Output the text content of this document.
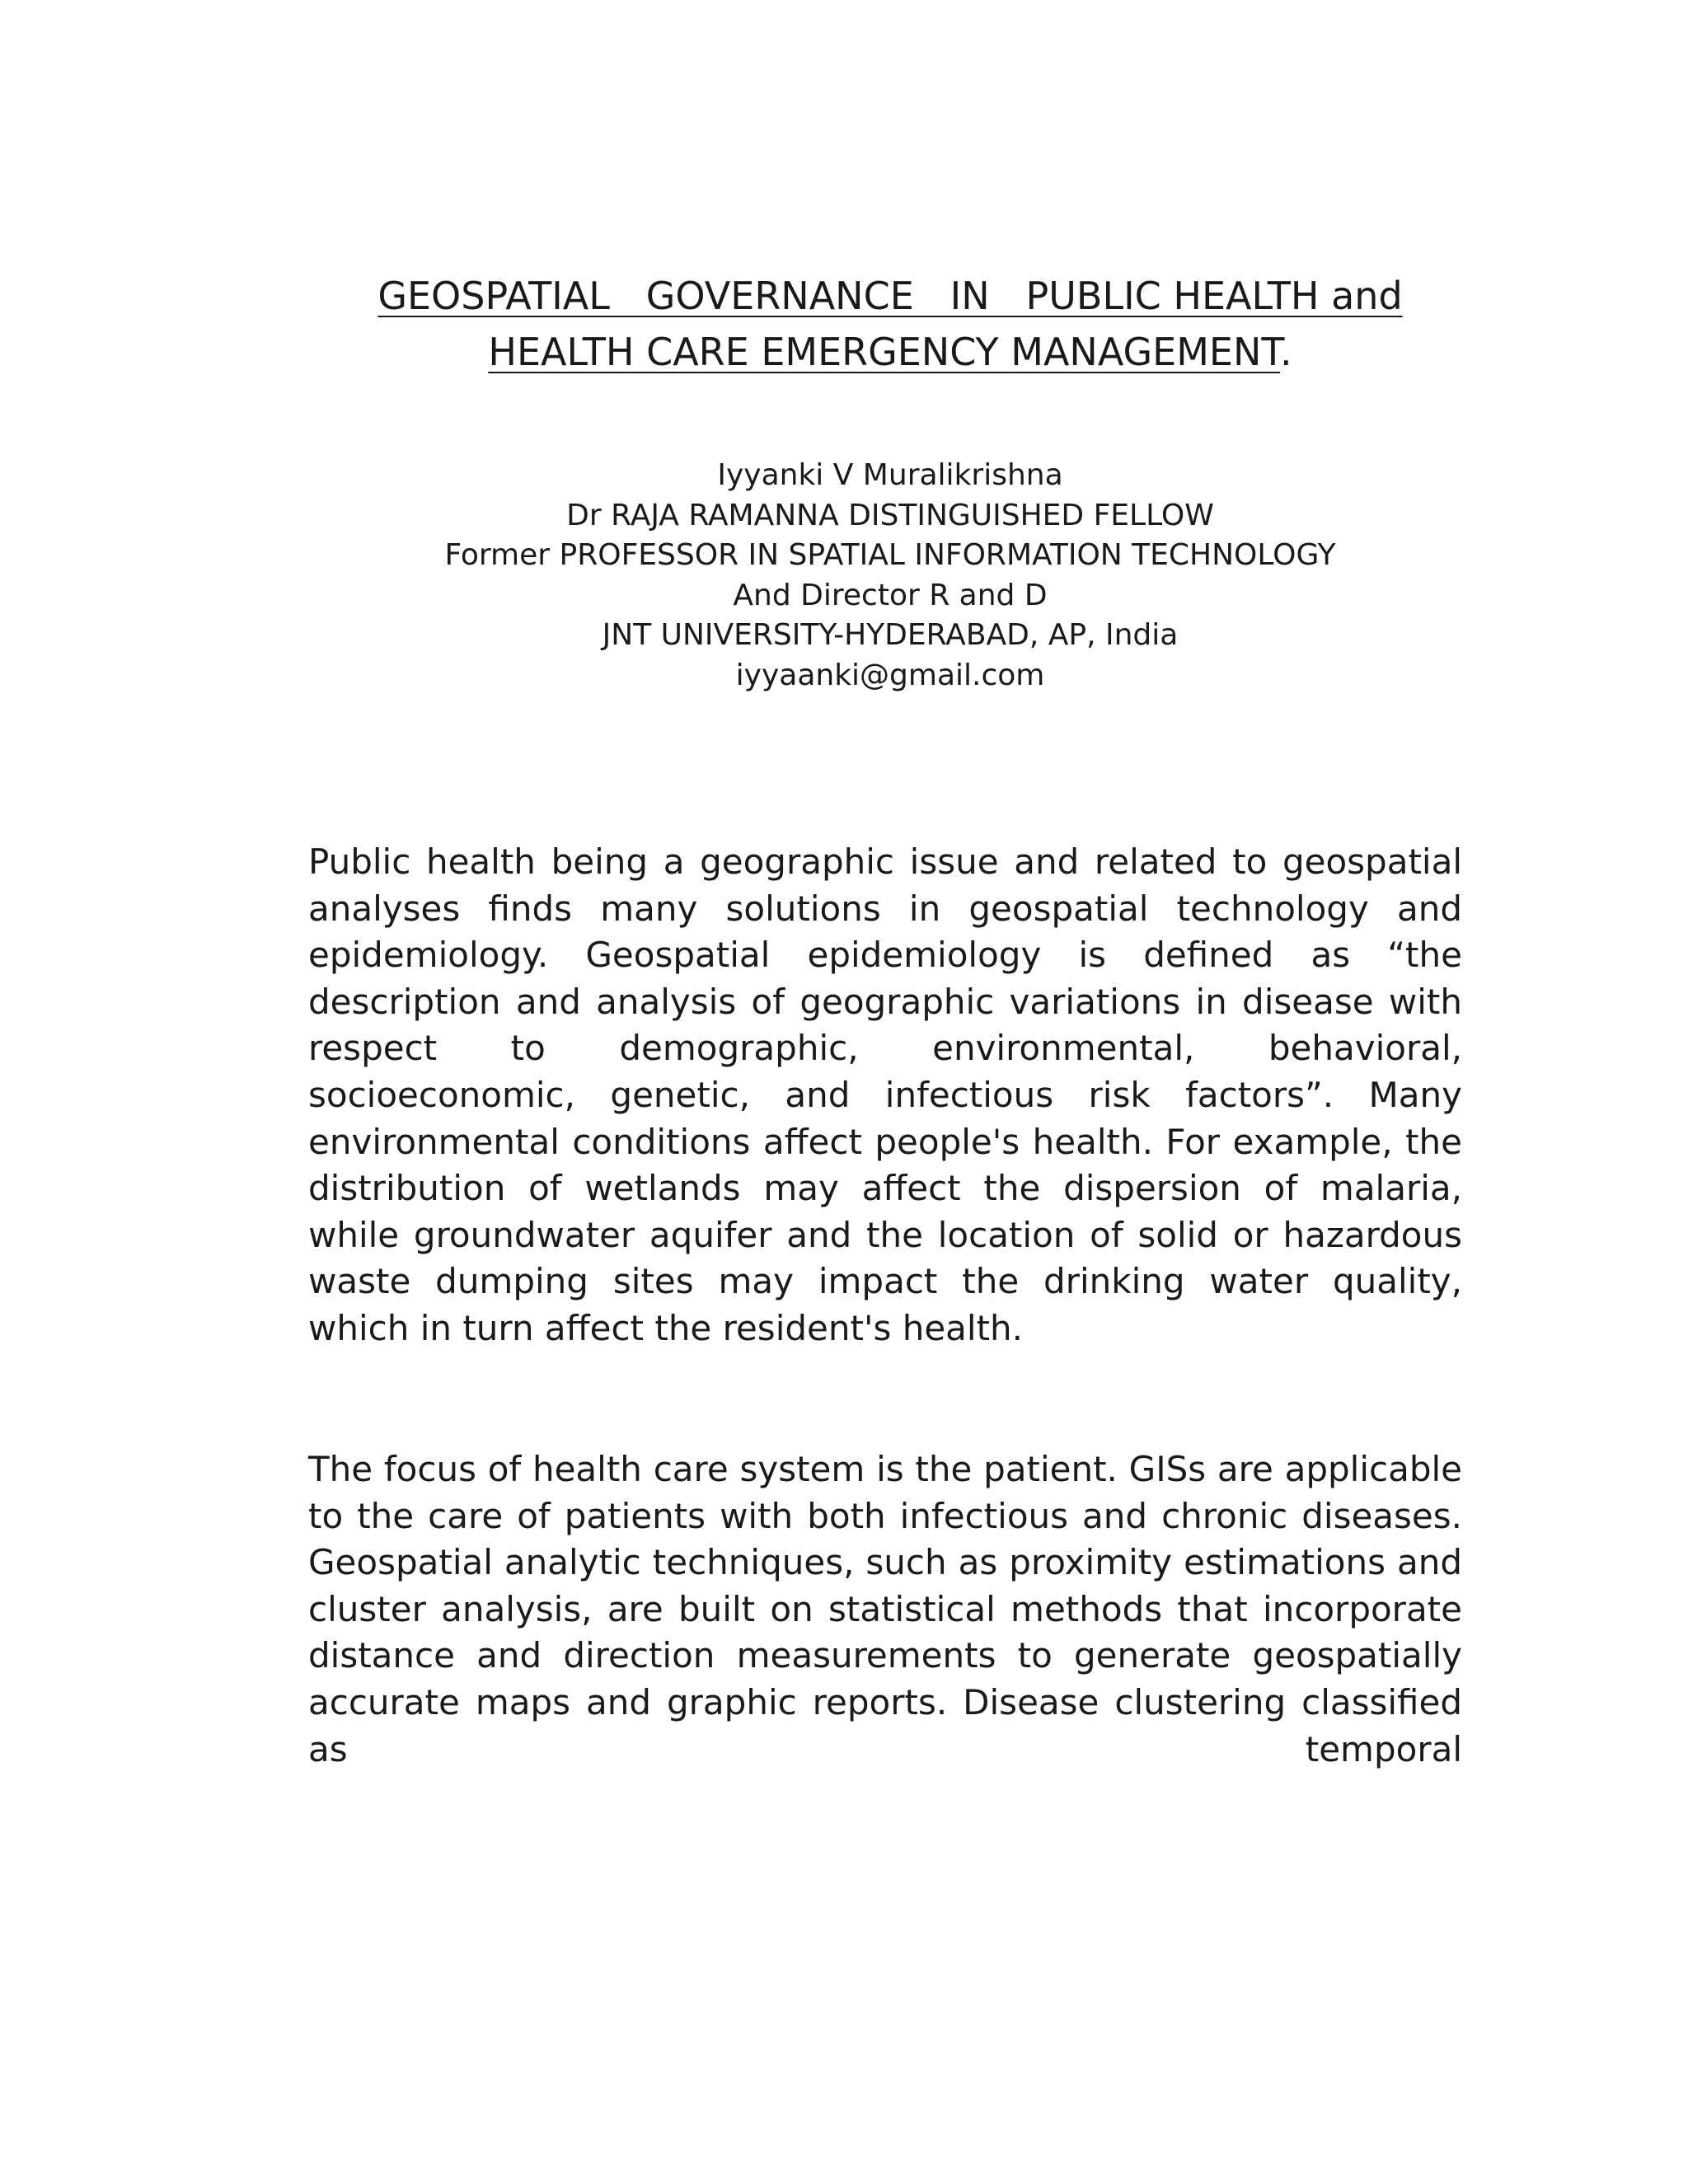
GEOSPATIAL   GOVERNANCE   IN   PUBLIC HEALTH and
HEALTH CARE EMERGENCY MANAGEMENT.
Iyyanki V Muralikrishna
Dr RAJA RAMANNA DISTINGUISHED FELLOW
Former PROFESSOR IN SPATIAL INFORMATION TECHNOLOGY
And Director R and D
JNT UNIVERSITY-HYDERABAD, AP, India
iyyaanki@gmail.com

Public health being a geographic issue and related to geospatial analyses finds many solutions in geospatial technology and epidemiology. Geospatial epidemiology is defined as “the description and analysis of geographic variations in disease with respect to demographic, environmental, behavioral, socioeconomic, genetic, and infectious risk factors”. Many environmental conditions affect people's health. For example, the distribution of wetlands may affect the dispersion of malaria, while groundwater aquifer and the location of solid or hazardous waste dumping sites may impact the drinking water quality, which in turn affect the resident's health.

The focus of health care system is the patient. GISs are applicable to the care of patients with both infectious and chronic diseases. Geospatial analytic techniques, such as proximity estimations and cluster analysis, are built on statistical methods that incorporate distance and direction measurements to generate geospatially accurate maps and graphic reports. Disease clustering classified as temporal
